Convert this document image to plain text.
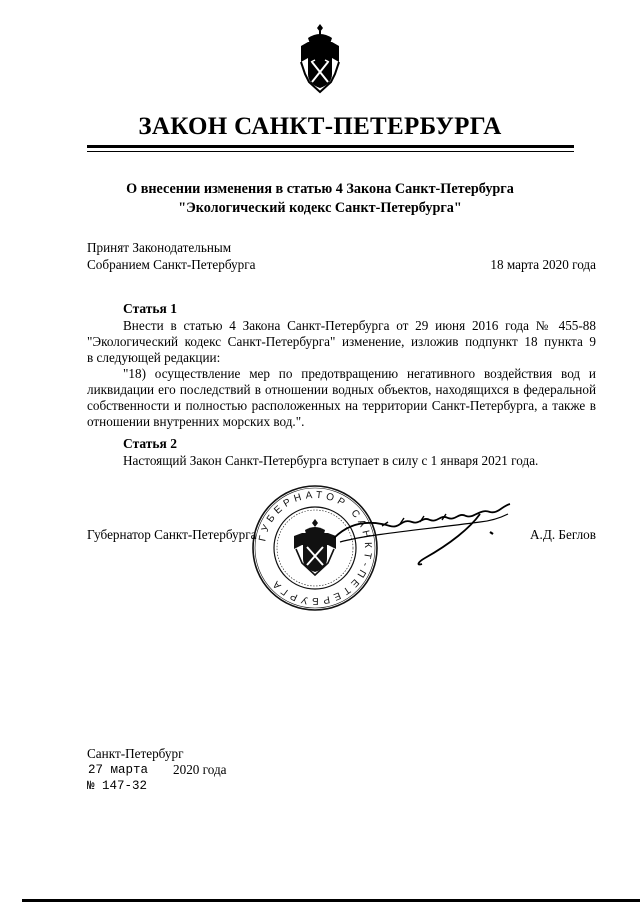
ЗАКОН САНКТ-ПЕТЕРБУРГА
О внесении изменения в статью 4 Закона Санкт-Петербурга
"Экологический кодекс Санкт-Петербурга"
Принят Законодательным
Собранием Санкт-Петербурга	18 марта 2020 года
Статья 1
Внести в статью 4 Закона Санкт-Петербурга от 29 июня 2016 года № 455-88
"Экологический кодекс Санкт-Петербурга" изменение, изложив подпункт 18 пункта 9
в следующей редакции:
"18) осуществление мер по предотвращению негативного воздействия вод и
ликвидации его последствий в отношении водных объектов, находящихся в федеральной
собственности и полностью расположенных на территории Санкт-Петербурга, а также в
отношении внутренних морских вод.".
Статья 2
Настоящий Закон Санкт-Петербурга вступает в силу с 1 января 2021 года.
ГУБЕРНАТОР САНКТ-ПЕТЕРБУРГА
Губернатор Санкт-Петербурга	А.Д. Беглов
Санкт-Петербург
27 марта 2020 года
№ 147-32
